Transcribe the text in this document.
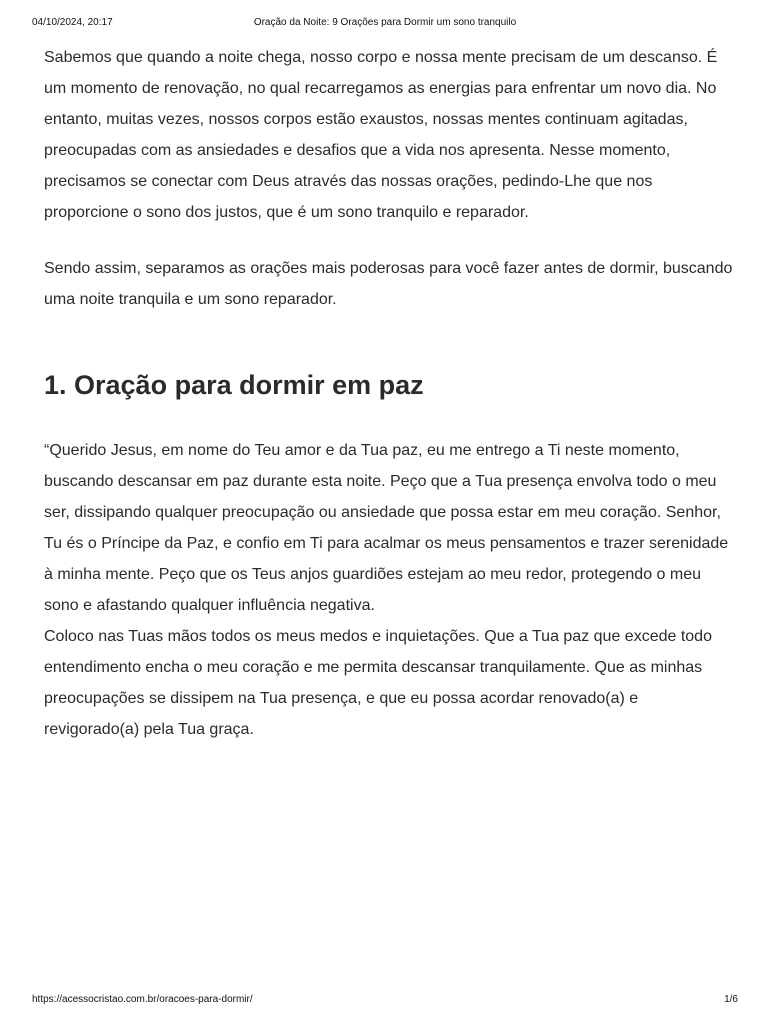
04/10/2024, 20:17	Oração da Noite: 9 Orações para Dormir um sono tranquilo

Sabemos que quando a noite chega, nosso corpo e nossa mente precisam de um descanso. É um momento de renovação, no qual recarregamos as energias para enfrentar um novo dia. No entanto, muitas vezes, nossos corpos estão exaustos, nossas mentes continuam agitadas, preocupadas com as ansiedades e desafios que a vida nos apresenta. Nesse momento, precisamos se conectar com Deus através das nossas orações, pedindo-Lhe que nos proporcione o sono dos justos, que é um sono tranquilo e reparador.

Sendo assim, separamos as orações mais poderosas para você fazer antes de dormir, buscando uma noite tranquila e um sono reparador.

1. Oração para dormir em paz

“Querido Jesus, em nome do Teu amor e da Tua paz, eu me entrego a Ti neste momento, buscando descansar em paz durante esta noite. Peço que a Tua presença envolva todo o meu ser, dissipando qualquer preocupação ou ansiedade que possa estar em meu coração. Senhor, Tu és o Príncipe da Paz, e confio em Ti para acalmar os meus pensamentos e trazer serenidade à minha mente. Peço que os Teus anjos guardiões estejam ao meu redor, protegendo o meu sono e afastando qualquer influência negativa.

Coloco nas Tuas mãos todos os meus medos e inquietações. Que a Tua paz que excede todo entendimento encha o meu coração e me permita descansar tranquilamente. Que as minhas preocupações se dissipem na Tua presença, e que eu possa acordar renovado(a) e revigorado(a) pela Tua graça.

https://acessocristao.com.br/oracoes-para-dormir/	1/6
